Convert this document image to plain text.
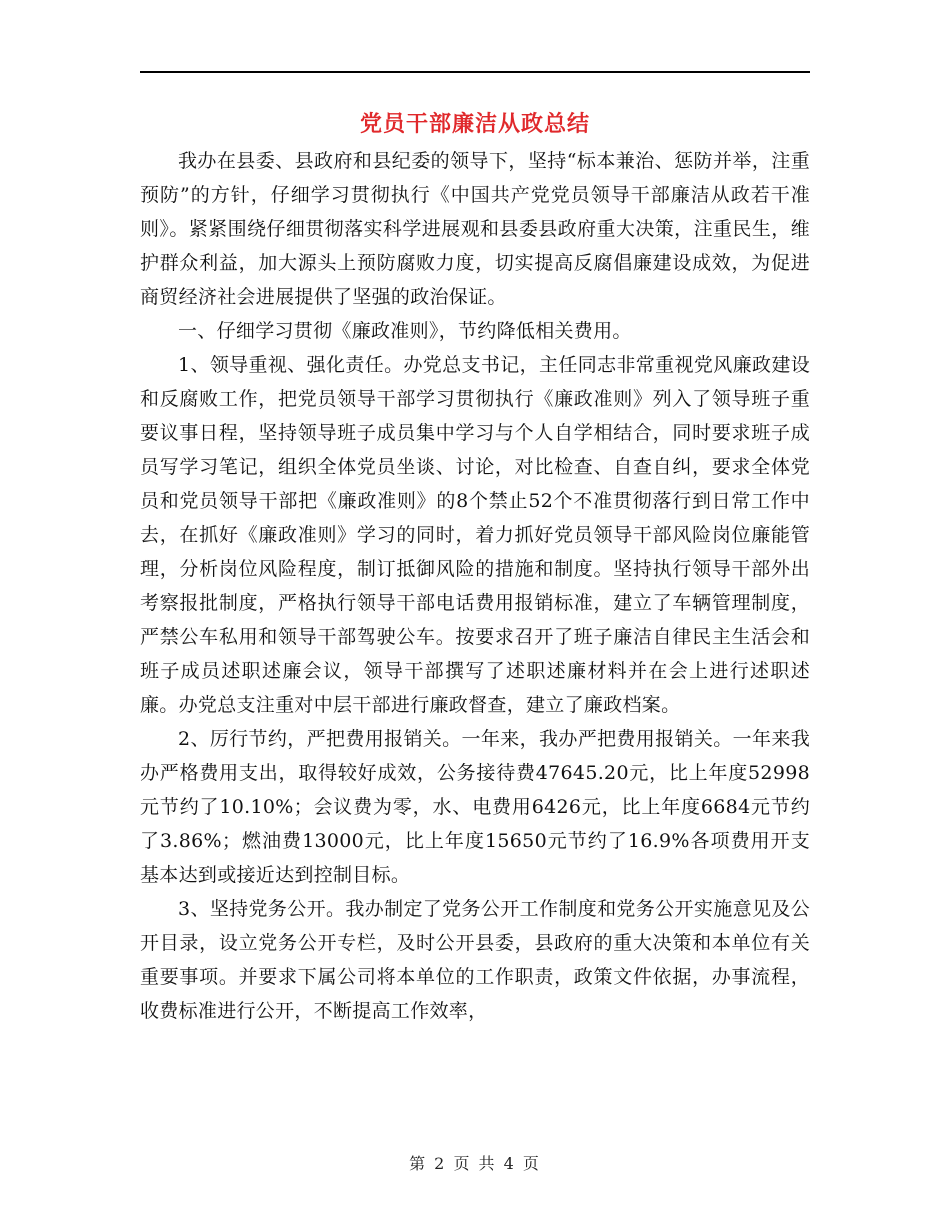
党员干部廉洁从政总结

我办在县委、县政府和县纪委的领导下，坚持“标本兼治、惩防并举，注重预防”的方针，仔细学习贯彻执行《中国共产党党员领导干部廉洁从政若干准则》。紧紧围绕仔细贯彻落实科学进展观和县委县政府重大决策，注重民生，维护群众利益，加大源头上预防腐败力度，切实提高反腐倡廉建设成效，为促进商贸经济社会进展提供了坚强的政治保证。

一、仔细学习贯彻《廉政准则》，节约降低相关费用。

1、领导重视、强化责任。办党总支书记，主任同志非常重视党风廉政建设和反腐败工作，把党员领导干部学习贯彻执行《廉政准则》列入了领导班子重要议事日程，坚持领导班子成员集中学习与个人自学相结合，同时要求班子成员写学习笔记，组织全体党员坐谈、讨论，对比检查、自查自纠，要求全体党员和党员领导干部把《廉政准则》的8个禁止52个不准贯彻落行到日常工作中去，在抓好《廉政准则》学习的同时，着力抓好党员领导干部风险岗位廉能管理，分析岗位风险程度，制订抵御风险的措施和制度。坚持执行领导干部外出考察报批制度，严格执行领导干部电话费用报销标准，建立了车辆管理制度，严禁公车私用和领导干部驾驶公车。按要求召开了班子廉洁自律民主生活会和班子成员述职述廉会议，领导干部撰写了述职述廉材料并在会上进行述职述廉。办党总支注重对中层干部进行廉政督查，建立了廉政档案。

2、厉行节约，严把费用报销关。一年来，我办严把费用报销关。一年来我办严格费用支出，取得较好成效，公务接待费47645.20元，比上年度52998元节约了10.10%；会议费为零，水、电费用6426元，比上年度6684元节约了3.86%；燃油费13000元，比上年度15650元节约了16.9%各项费用开支基本达到或接近达到控制目标。

3、坚持党务公开。我办制定了党务公开工作制度和党务公开实施意见及公开目录，设立党务公开专栏，及时公开县委，县政府的重大决策和本单位有关重要事项。并要求下属公司将本单位的工作职责，政策文件依据，办事流程，收费标准进行公开，不断提高工作效率，

第 2 页 共 4 页
